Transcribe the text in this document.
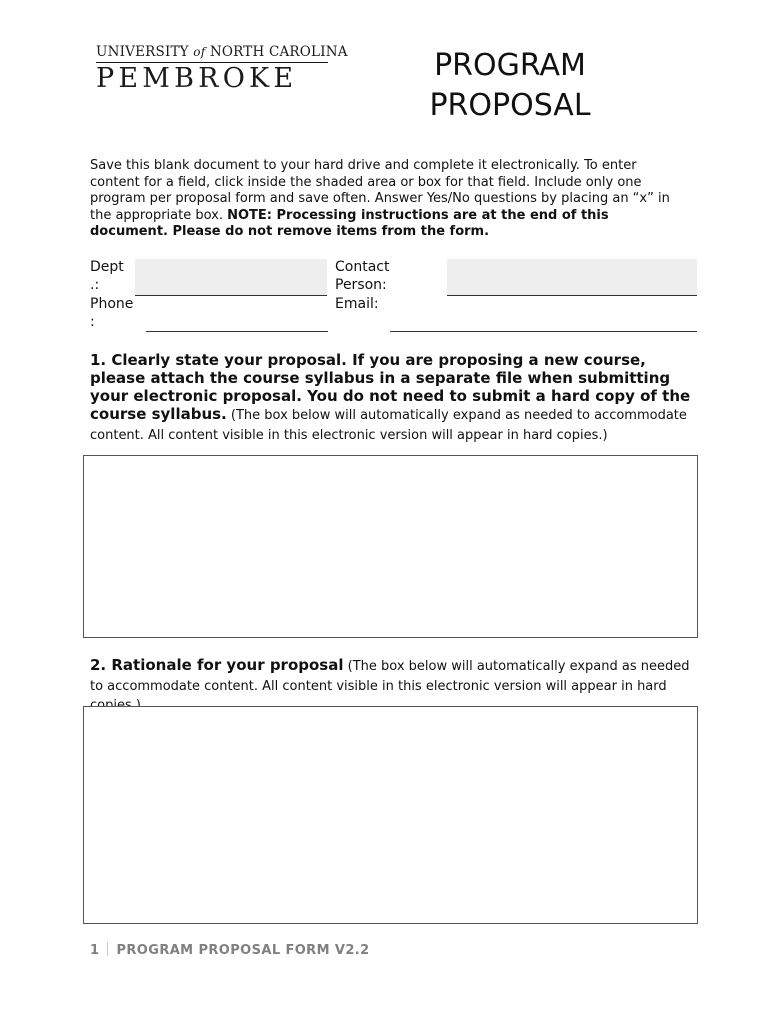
UNIVERSITY of NORTH CAROLINA
PEMBROKE	PROGRAM
PROPOSAL
Save this blank document to your hard drive and complete it electronically. To enter content for a field, click inside the shaded area or box for that field. Include only one program per proposal form and save often. Answer Yes/No questions by placing an “x” in the appropriate box. NOTE: Processing instructions are at the end of this document. Please do not remove items from the form.
Dept
.:
Contact
Person:
Phone
:
Email:
1. Clearly state your proposal. If you are proposing a new course, please attach the course syllabus in a separate file when submitting your electronic proposal. You do not need to submit a hard copy of the course syllabus. (The box below will automatically expand as needed to accommodate content. All content visible in this electronic version will appear in hard copies.)
2. Rationale for your proposal (The box below will automatically expand as needed to accommodate content. All content visible in this electronic version will appear in hard
1 PROGRAM PROPOSAL FORM V2.2
